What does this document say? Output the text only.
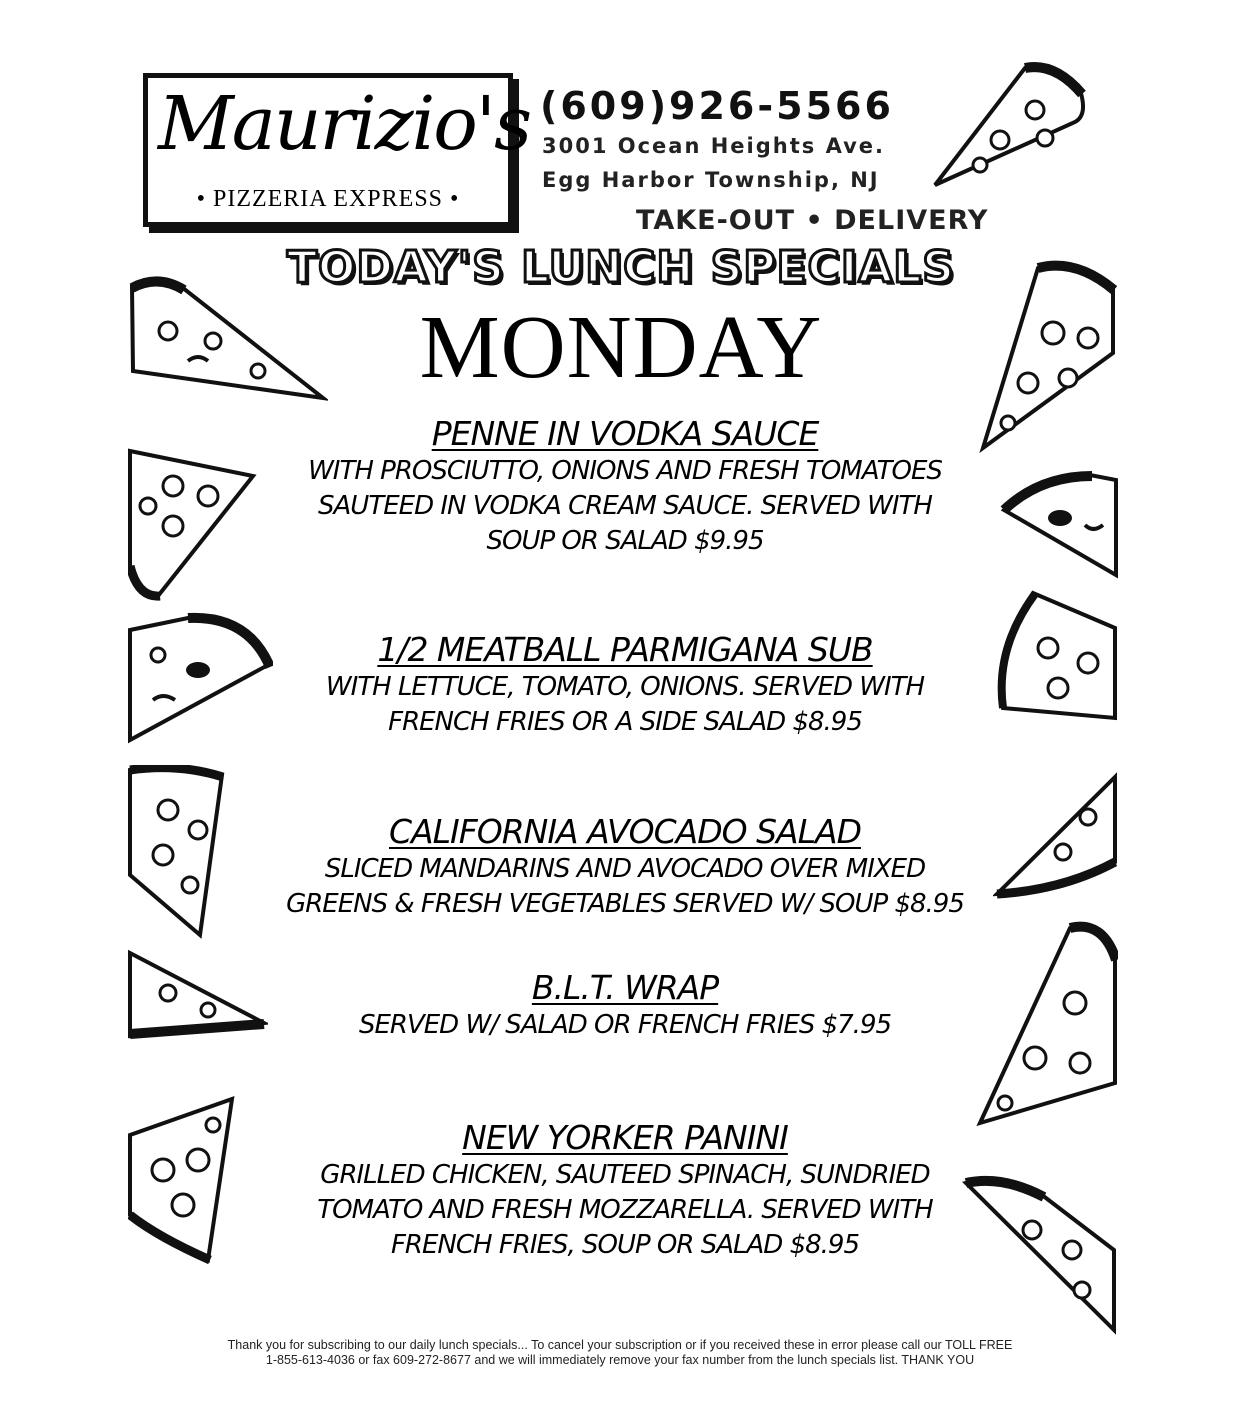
Maurizio's
• PIZZERIA EXPRESS •
(609)926-5566
3001 Ocean Heights Ave.
Egg Harbor Township, NJ
TAKE-OUT • DELIVERY
TODAY'S LUNCH SPECIALS
MONDAY
PENNE IN VODKA SAUCE
WITH PROSCIUTTO, ONIONS AND FRESH TOMATOES
SAUTEED IN VODKA CREAM SAUCE. SERVED WITH
SOUP OR SALAD $9.95
1/2 MEATBALL PARMIGANA SUB
WITH LETTUCE, TOMATO, ONIONS. SERVED WITH
FRENCH FRIES OR A SIDE SALAD $8.95
CALIFORNIA AVOCADO SALAD
SLICED MANDARINS AND AVOCADO OVER MIXED
GREENS & FRESH VEGETABLES SERVED W/ SOUP $8.95
B.L.T. WRAP
SERVED W/ SALAD OR FRENCH FRIES $7.95
NEW YORKER PANINI
GRILLED CHICKEN, SAUTEED SPINACH, SUNDRIED
TOMATO AND FRESH MOZZARELLA. SERVED WITH
FRENCH FRIES, SOUP OR SALAD $8.95
Thank you for subscribing to our daily lunch specials... To cancel your subscription or if you received these in error please call our TOLL FREE
1-855-613-4036 or fax 609-272-8677 and we will immediately remove your fax number from the lunch specials list. THANK YOU
